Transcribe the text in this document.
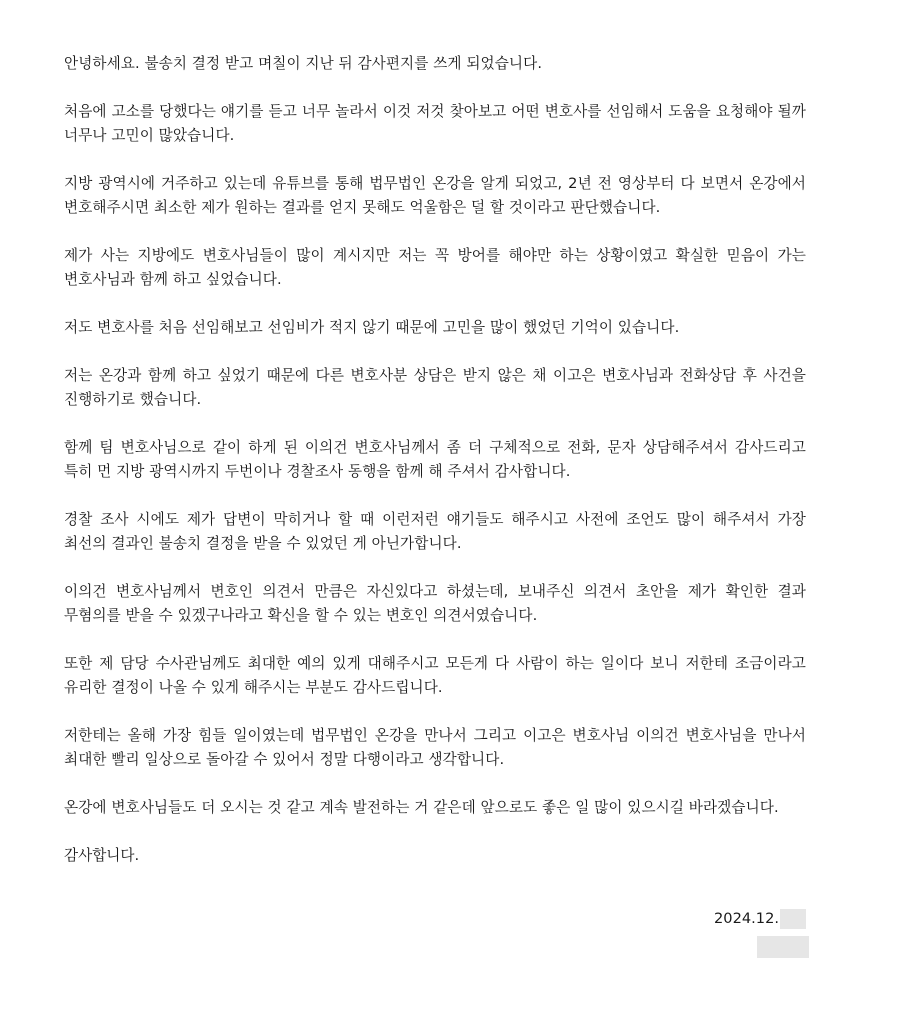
안녕하세요. 불송치 결정 받고 며칠이 지난 뒤 감사편지를 쓰게 되었습니다.

처음에 고소를 당했다는 얘기를 듣고 너무 놀라서 이것 저것 찾아보고 어떤 변호사를 선임해서 도움을 요청해야 될까 너무나 고민이 많았습니다.

지방 광역시에 거주하고 있는데 유튜브를 통해 법무법인 온강을 알게 되었고, 2년 전 영상부터 다 보면서 온강에서 변호해주시면 최소한 제가 원하는 결과를 얻지 못해도 억울함은 덜 할 것이라고 판단했습니다.

제가 사는 지방에도 변호사님들이 많이 계시지만 저는 꼭 방어를 해야만 하는 상황이였고 확실한 믿음이 가는 변호사님과 함께 하고 싶었습니다.

저도 변호사를 처음 선임해보고 선임비가 적지 않기 때문에 고민을 많이 했었던 기억이 있습니다.

저는 온강과 함께 하고 싶었기 때문에 다른 변호사분 상담은 받지 않은 채 이고은 변호사님과 전화상담 후 사건을 진행하기로 했습니다.

함께 팀 변호사님으로 같이 하게 된 이의건 변호사님께서 좀 더 구체적으로 전화, 문자 상담해주셔서 감사드리고 특히 먼 지방 광역시까지 두번이나 경찰조사 동행을 함께 해 주셔서 감사합니다.

경찰 조사 시에도 제가 답변이 막히거나 할 때 이런저런 얘기들도 해주시고 사전에 조언도 많이 해주셔서 가장 최선의 결과인 불송치 결정을 받을 수 있었던 게 아닌가합니다.

이의건 변호사님께서 변호인 의견서 만큼은 자신있다고 하셨는데, 보내주신 의견서 초안을 제가 확인한 결과 무혐의를 받을 수 있겠구나라고 확신을 할 수 있는 변호인 의견서였습니다.

또한 제 담당 수사관님께도 최대한 예의 있게 대해주시고 모든게 다 사람이 하는 일이다 보니 저한테 조금이라고 유리한 결정이 나올 수 있게 해주시는 부분도 감사드립니다.

저한테는 올해 가장 힘들 일이였는데 법무법인 온강을 만나서 그리고 이고은 변호사님 이의건 변호사님을 만나서 최대한 빨리 일상으로 돌아갈 수 있어서 정말 다행이라고 생각합니다.

온강에 변호사님들도 더 오시는 것 같고 계속 발전하는 거 같은데 앞으로도 좋은 일 많이 있으시길 바라겠습니다.

감사합니다.

2024.12.
